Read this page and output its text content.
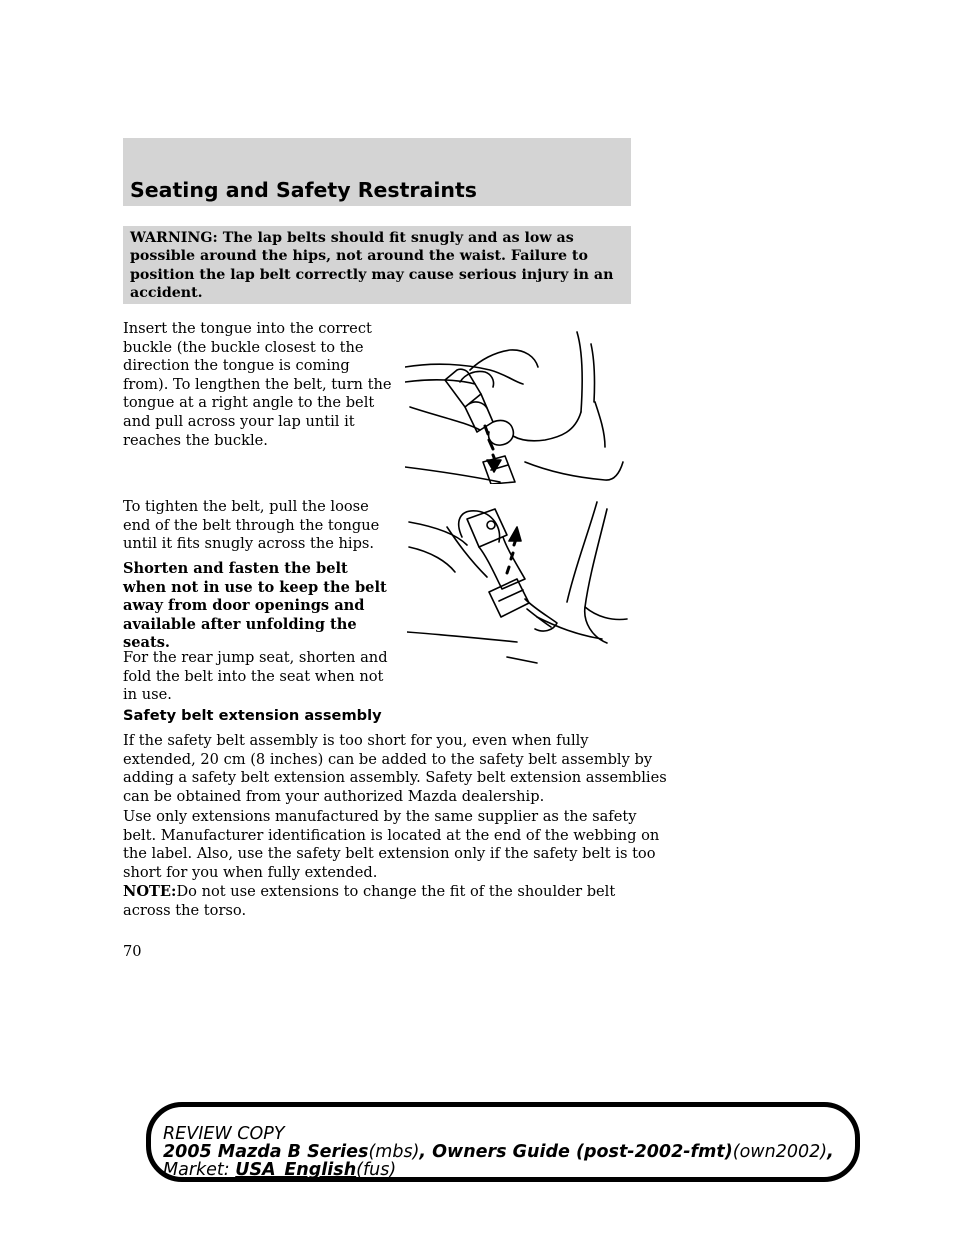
Seating and Safety Restraints
WARNING: The lap belts should fit snugly and as low as
possible around the hips, not around the waist. Failure to
position the lap belt correctly may cause serious injury in an
accident.
Insert the tongue into the correct
buckle (the buckle closest to the
direction the tongue is coming
from). To lengthen the belt, turn the
tongue at a right angle to the belt
and pull across your lap until it
reaches the buckle.
To tighten the belt, pull the loose
end of the belt through the tongue
until it fits snugly across the hips.
Shorten and fasten the belt
when not in use to keep the belt
away from door openings and
available after unfolding the
seats.
For the rear jump seat, shorten and
fold the belt into the seat when not
in use.
Safety belt extension assembly
If the safety belt assembly is too short for you, even when fully
extended, 20 cm (8 inches) can be added to the safety belt assembly by
adding a safety belt extension assembly. Safety belt extension assemblies
can be obtained from your authorized Mazda dealership.
Use only extensions manufactured by the same supplier as the safety
belt. Manufacturer identification is located at the end of the webbing on
the label. Also, use the safety belt extension only if the safety belt is too
short for you when fully extended.
NOTE:Do not use extensions to change the fit of the shoulder belt
across the torso.
70
REVIEW COPY
2005 Mazda B Series(mbs), Owners Guide (post-2002-fmt)(own2002),
Market: USA_English(fus)
